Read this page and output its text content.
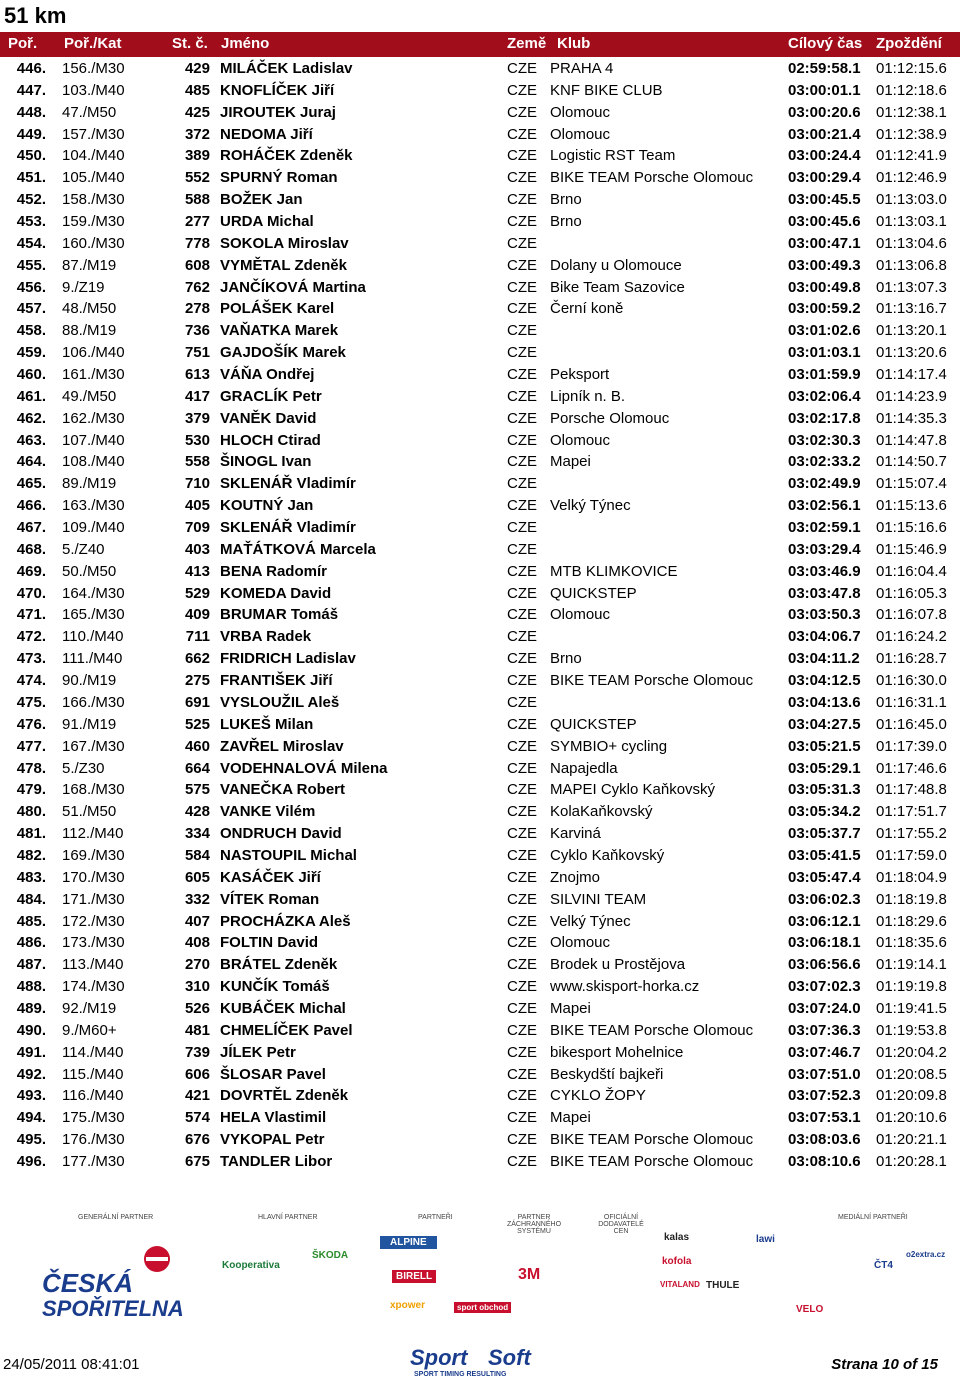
51 km
Poř. Poř./Kat	St. č. Jméno	Země Klub	Cílový čas Zpoždění
446. 156./M30	429 MILÁČEK Ladislav	CZE PRAHA 4	02:59:58.1 01:12:15.6
447. 103./M40	485 KNOFLÍČEK Jiří	CZE KNF BIKE CLUB	03:00:01.1 01:12:18.6
448. 47./M50	425 JIROUTEK Juraj	CZE Olomouc	03:00:20.6 01:12:38.1
449. 157./M30	372 NEDOMA Jiří	CZE Olomouc	03:00:21.4 01:12:38.9
450. 104./M40	389 ROHÁČEK Zdeněk	CZE Logistic RST Team	03:00:24.4 01:12:41.9
451. 105./M40	552 SPURNÝ Roman	CZE BIKE TEAM Porsche Olomouc 03:00:29.4 01:12:46.9
452. 158./M30	588 BOŽEK Jan	CZE Brno	03:00:45.5 01:13:03.0
453. 159./M30	277 URDA Michal	CZE Brno	03:00:45.6 01:13:03.1
454. 160./M30	778 SOKOLA Miroslav	CZE	03:00:47.1 01:13:04.6
455. 87./M19	608 VYMĚTAL Zdeněk	CZE Dolany u Olomouce	03:00:49.3 01:13:06.8
456. 9./Z19	762 JANČÍKOVÁ Martina	CZE Bike Team Sazovice	03:00:49.8 01:13:07.3
457. 48./M50	278 POLÁŠEK Karel	CZE Černí koně	03:00:59.2 01:13:16.7
458. 88./M19	736 VAŇATKA Marek	CZE	03:01:02.6 01:13:20.1
459. 106./M40	751 GAJDOŠÍK Marek	CZE	03:01:03.1 01:13:20.6
460. 161./M30	613 VÁŇA Ondřej	CZE Peksport	03:01:59.9 01:14:17.4
461. 49./M50	417 GRACLÍK Petr	CZE Lipník n. B.	03:02:06.4 01:14:23.9
462. 162./M30	379 VANĚK David	CZE Porsche Olomouc	03:02:17.8 01:14:35.3
463. 107./M40	530 HLOCH Ctirad	CZE Olomouc	03:02:30.3 01:14:47.8
464. 108./M40	558 ŠINOGL Ivan	CZE Mapei	03:02:33.2 01:14:50.7
465. 89./M19	710 SKLENÁŘ Vladimír	CZE	03:02:49.9 01:15:07.4
466. 163./M30	405 KOUTNÝ Jan	CZE Velký Týnec	03:02:56.1 01:15:13.6
467. 109./M40	709 SKLENÁŘ Vladimír	CZE	03:02:59.1 01:15:16.6
468. 5./Z40	403 MAŤÁTKOVÁ Marcela	CZE	03:03:29.4 01:15:46.9
469. 50./M50	413 BENA Radomír	CZE MTB KLIMKOVICE	03:03:46.9 01:16:04.4
470. 164./M30	529 KOMEDA David	CZE QUICKSTEP	03:03:47.8 01:16:05.3
471. 165./M30	409 BRUMAR Tomáš	CZE Olomouc	03:03:50.3 01:16:07.8
472. 110./M40	711 VRBA Radek	CZE	03:04:06.7 01:16:24.2
473. 111./M40	662 FRIDRICH Ladislav	CZE Brno	03:04:11.2 01:16:28.7
474. 90./M19	275 FRANTIŠEK Jiří	CZE BIKE TEAM Porsche Olomouc 03:04:12.5 01:16:30.0
475. 166./M30	691 VYSLOUŽIL Aleš	CZE	03:04:13.6 01:16:31.1
476. 91./M19	525 LUKEŠ Milan	CZE QUICKSTEP	03:04:27.5 01:16:45.0
477. 167./M30	460 ZAVŘEL Miroslav	CZE SYMBIO+ cycling	03:05:21.5 01:17:39.0
478. 5./Z30	664 VODEHNALOVÁ Milena	CZE Napajedla	03:05:29.1 01:17:46.6
479. 168./M30	575 VANEČKA Robert	CZE MAPEI Cyklo Kaňkovský	03:05:31.3 01:17:48.8
480. 51./M50	428 VANKE Vilém	CZE KolaKaňkovský	03:05:34.2 01:17:51.7
481. 112./M40	334 ONDRUCH David	CZE Karviná	03:05:37.7 01:17:55.2
482. 169./M30	584 NASTOUPIL Michal	CZE Cyklo Kaňkovský	03:05:41.5 01:17:59.0
483. 170./M30	605 KASÁČEK Jiří	CZE Znojmo	03:05:47.4 01:18:04.9
484. 171./M30	332 VÍTEK Roman	CZE SILVINI TEAM	03:06:02.3 01:18:19.8
485. 172./M30	407 PROCHÁZKA Aleš	CZE Velký Týnec	03:06:12.1 01:18:29.6
486. 173./M30	408 FOLTIN David	CZE Olomouc	03:06:18.1 01:18:35.6
487. 113./M40	270 BRÁTEL Zdeněk	CZE Brodek u Prostějova	03:06:56.6 01:19:14.1
488. 174./M30	310 KUNČÍK Tomáš	CZE www.skisport-horka.cz	03:07:02.3 01:19:19.8
489. 92./M19	526 KUBÁČEK Michal	CZE Mapei	03:07:24.0 01:19:41.5
490. 9./M60+	481 CHMELÍČEK Pavel	CZE BIKE TEAM Porsche Olomouc 03:07:36.3 01:19:53.8
491. 114./M40	739 JÍLEK Petr	CZE bikesport Mohelnice	03:07:46.7 01:20:04.2
492. 115./M40	606 ŠLOSAR Pavel	CZE Beskydští bajkeři	03:07:51.0 01:20:08.5
493. 116./M40	421 DOVRTĚL Zdeněk	CZE CYKLO ŽOPY	03:07:52.3 01:20:09.8
494. 175./M30	574 HELA Vlastimil	CZE Mapei	03:07:53.1 01:20:10.6
495. 176./M30	676 VYKOPAL Petr	CZE BIKE TEAM Porsche Olomouc 03:08:03.6 01:20:21.1
496. 177./M30	675 TANDLER Libor	CZE BIKE TEAM Porsche Olomouc 03:08:10.6 01:20:28.1
GENERÁLNÍ PARTNER	HLAVNÍ PARTNER	PARTNEŘI	PARTNER ZÁCHRANNÉHO SYSTÉMU
OFICIÁLNÍ DODAVATELÉ CEN
MEDIÁLNÍ PARTNEŘI
ČESKÁ
SPOŘITELNA
Kooperativa
ŠKODA
ALPINE
BIRELL	3M
xpower	sport obchod
kalas
kofola
VITALAND THULE
lawi
VELO
ČT4
o2extra.cz
24/05/2011 08:41:01	Sport Soft
SPORT TIMING RESULTING
Strana 10 of 15
